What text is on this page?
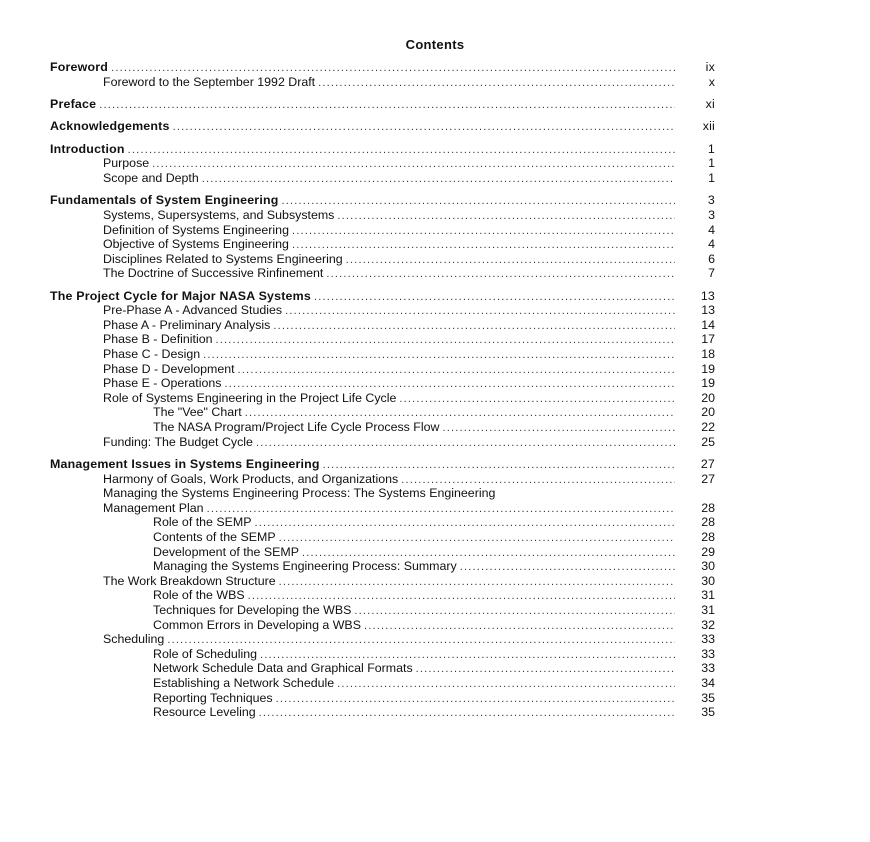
Contents
Foreword .....	ix
Foreword to the September 1992 Draft .....	x
Preface .....	xi
Acknowledgements .....	xii
Introduction .....	1
Purpose .....	1
Scope and Depth .....	1
Fundamentals of System Engineering .....	3
Systems, Supersystems, and Subsystems .....	3
Definition of Systems Engineering .....	4
Objective of Systems Engineering .....	4
Disciplines Related to Systems Engineering .....	6
The Doctrine of Successive Rinfinement .....	7
The Project Cycle for Major NASA Systems .....	13
Pre-Phase A - Advanced Studies .....	13
Phase A - Preliminary Analysis .....	14
Phase B - Definition .....	17
Phase C - Design .....	18
Phase D - Development .....	19
Phase E - Operations .....	19
Role of Systems Engineering in the Project Life Cycle .....	20
The "Vee" Chart .....	20
The NASA Program/Project Life Cycle Process Flow .....	22
Funding: The Budget Cycle .....	25
Management Issues in Systems Engineering .....	27
Harmony of Goals, Work Products, and Organizations .....	27
Managing the Systems Engineering Process: The Systems Engineering
Management Plan .....	28
Role of the SEMP .....	28
Contents of the SEMP .....	28
Development of the SEMP .....	29
Managing the Systems Engineering Process: Summary .....	30
The Work Breakdown Structure .....	30
Role of the WBS .....	31
Techniques for Developing the WBS .....	31
Common Errors in Developing a WBS .....	32
Scheduling .....	33
Role of Scheduling .....	33
Network Schedule Data and Graphical Formats .....	33
Establishing a Network Schedule .....	34
Reporting Techniques .....	35
Resource Leveling .....	35
